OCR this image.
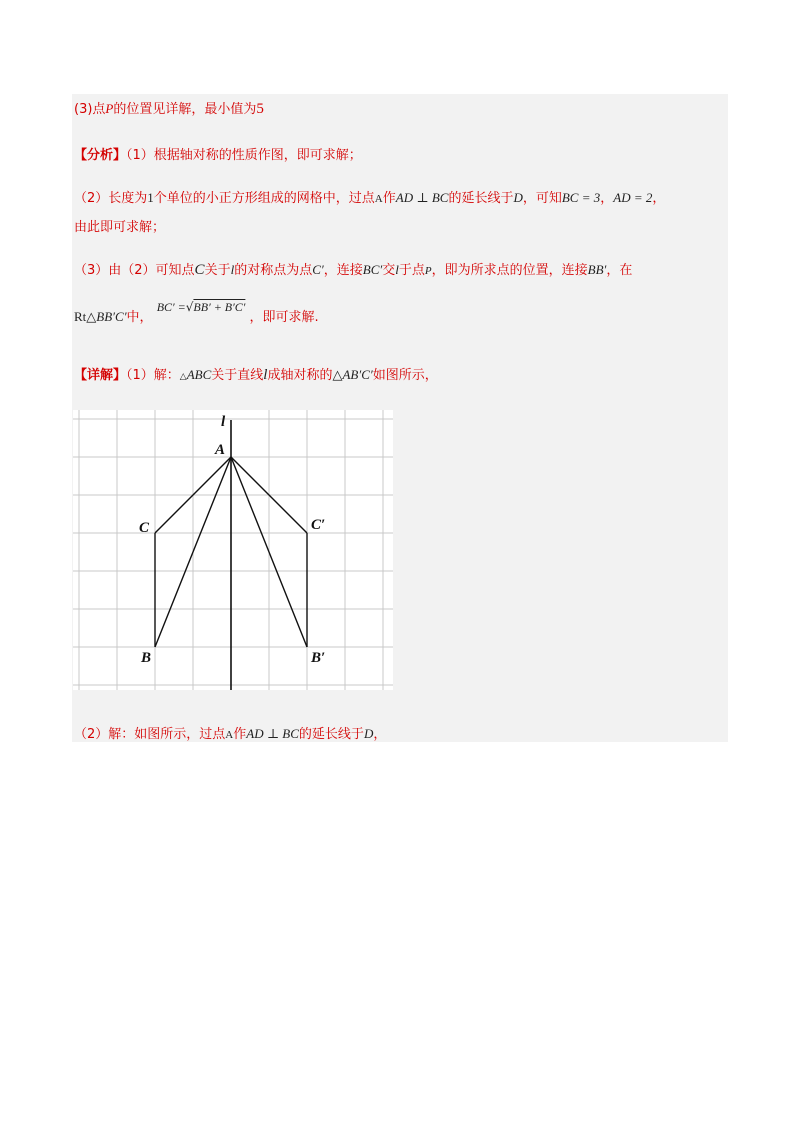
(3)点P的位置见详解，最小值为5
【分析】（1）根据轴对称的性质作图，即可求解；
（2）长度为1个单位的小正方形组成的网格中，过点A作AD ⊥ BC的延长线于D，可知BC = 3，AD = 2，
由此即可求解；
（3）由（2）可知点C关于l的对称点为点C′，连接BC′交l于点P，即为所求点的位置，连接BB′，在
Rt△BB′C′中， BC′ =√BB′ + B′C′ ，即可求解.
【详解】（1）解：△ABC关于直线l成轴对称的△AB′C′如图所示，
l
A
C	C′
B	B′
（2）解：如图所示，过点A作AD ⊥ BC的延长线于D，
